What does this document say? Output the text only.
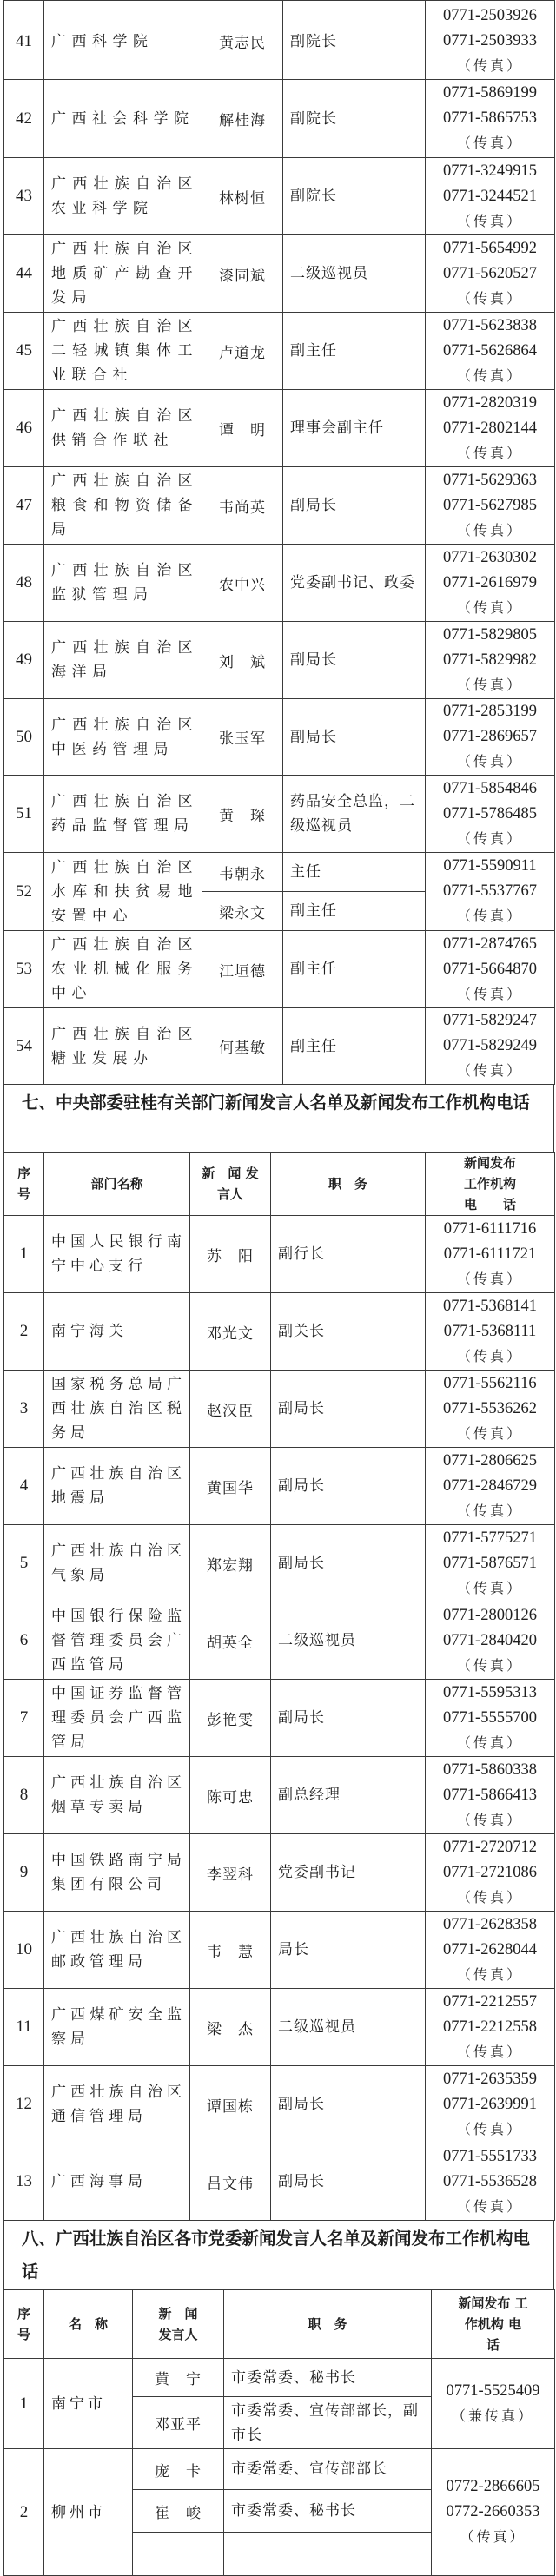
41	广西科学院	黄志民	副院长	0771-2503926
0771-2503933
（传真）

42	广西社会科学院	解桂海	副院长	0771-5869199
0771-5865753
（传真）

43	广西壮族自治区农业科学院	林树恒	副院长	0771-3249915
0771-3244521
（传真）

44	广西壮族自治区地质矿产勘查开发局	漆同斌	二级巡视员	0771-5654992
0771-5620527
（传真）

45	广西壮族自治区二轻城镇集体工业联合社	卢道龙	副主任	0771-5623838
0771-5626864
（传真）

46	广西壮族自治区供销合作联社	谭　明	理事会副主任	0771-2820319
0771-2802144
（传真）

47	广西壮族自治区粮食和物资储备局	韦尚英	副局长	0771-5629363
0771-5627985
（传真）

48	广西壮族自治区监狱管理局	农中兴	党委副书记、政委	0771-2630302
0771-2616979
（传真）

49	广西壮族自治区海洋局	刘　斌	副局长	0771-5829805
0771-5829982
（传真）

50	广西壮族自治区中医药管理局	张玉军	副局长	0771-2853199
0771-2869657
（传真）

51	广西壮族自治区药品监督管理局	黄　琛	药品安全总监，二级巡视员	0771-5854846
0771-5786485
（传真）

52	广西壮族自治区水库和扶贫易地安置中心	韦朝永	主任	0771-5590911
0771-5537767
（传真）

		梁永文	副主任	
53	广西壮族自治区农业机械化服务中心	江垣德	副主任	0771-2874765
0771-5664870
（传真）

54	广西壮族自治区糖业发展办	何基敏	副主任	0771-5829247
0771-5829249
（传真）
七、中央部委驻桂有关部门新闻发言人名单及新闻发布工作机构电话
序号	部门名称	新　闻 发言人	职　务	新闻发布 工作机构 电　　话
1	中国人民银行南宁中心支行	苏　阳	副行长	0771-6111716
0771-6111721
（传真）

2	南宁海关	邓光文	副关长	0771-5368141
0771-5368111
（传真）

3	国家税务总局广西壮族自治区税务局	赵汉臣	副局长	0771-5562116
0771-5536262
（传真）

4	广西壮族自治区地震局	黄国华	副局长	0771-2806625
0771-2846729
（传真）

5	广西壮族自治区气象局	郑宏翔	副局长	0771-5775271
0771-5876571
（传真）

6	中国银行保险监督管理委员会广西监管局	胡英全	二级巡视员	0771-2800126
0771-2840420
（传真）

7	中国证券监督管理委员会广西监管局	彭艳雯	副局长	0771-5595313
0771-5555700
（传真）

8	广西壮族自治区烟草专卖局	陈可忠	副总经理	0771-5860338
0771-5866413
（传真）

9	中国铁路南宁局集团有限公司	李翌科	党委副书记	0771-2720712
0771-2721086
（传真）

10	广西壮族自治区邮政管理局	韦　慧	局长	0771-2628358
0771-2628044
（传真）

11	广西煤矿安全监察局	梁　杰	二级巡视员	0771-2212557
0771-2212558
（传真）

12	广西壮族自治区通信管理局	谭国栋	副局长	0771-2635359
0771-2639991
（传真）

13	广西海事局	吕文伟	副局长	0771-5551733
0771-5536528
（传真）
八、广西壮族自治区各市党委新闻发言人名单及新闻发布工作机构电话
序号	名　称	新　闻 发言人	职　务	新闻发布 工作机构 电　　话
1	南宁市	黄　宁	市委常委、秘书长	0771-5525409
（兼传真）

		邓亚平	市委常委、宣传部部长，副市长	
2	柳州市	庞　卡	市委常委、宣传部部长	0772-2866605
0772-2660353
（传真）

		崔　峻	市委常委、秘书长	
